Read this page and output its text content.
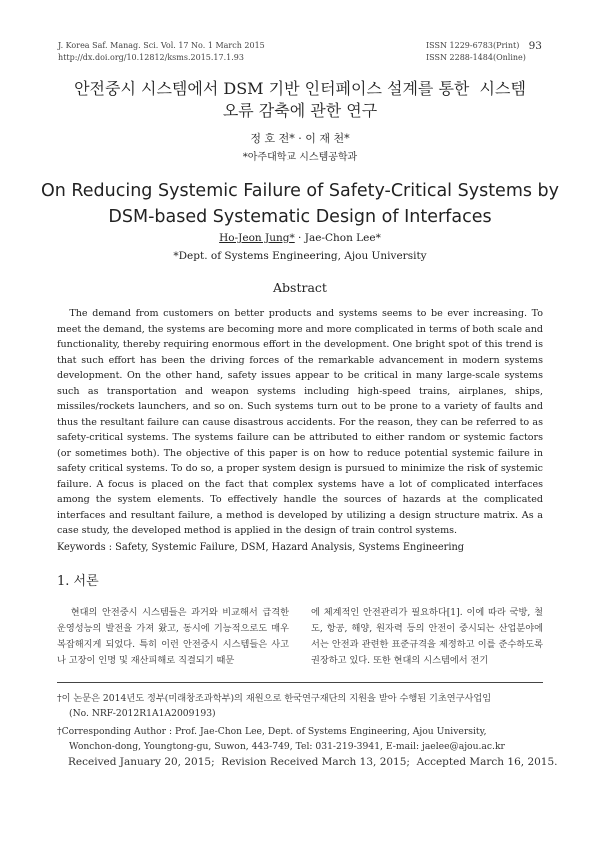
J. Korea Saf. Manag. Sci. Vol. 17 No. 1 March 2015
http://dx.doi.org/10.12812/ksms.2015.17.1.93
ISSN 1229-6783(Print)
ISSN 2288-1484(Online)
93
안전중시 시스템에서 DSM 기반 인터페이스 설계를 통한  시스템
오류 감축에 관한 연구
정 호 전* · 이 재 천*
*아주대학교 시스템공학과
On Reducing Systemic Failure of Safety-Critical Systems by
DSM-based Systematic Design of Interfaces
Ho-Jeon Jung* · Jae-Chon Lee*
*Dept. of Systems Engineering, Ajou University
Abstract
The demand from customers on better products and systems seems to be ever increasing. To meet the demand, the systems are becoming more and more complicated in terms of both scale and functionality, thereby requiring enormous effort in the development. One bright spot of this trend is that such effort has been the driving forces of the remarkable advancement in modern systems development. On the other hand, safety issues appear to be critical in many large-scale systems such as transportation and weapon systems including high-speed trains, airplanes, ships, missiles/rockets launchers, and so on. Such systems turn out to be prone to a variety of faults and thus the resultant failure can cause disastrous accidents. For the reason, they can be referred to as safety-critical systems. The systems failure can be attributed to either random or systemic factors (or sometimes both). The objective of this paper is on how to reduce potential systemic failure in safety critical systems. To do so, a proper system design is pursued to minimize the risk of systemic failure. A focus is placed on the fact that complex systems have a lot of complicated interfaces among the system elements. To effectively handle the sources of hazards at the complicated interfaces and resultant failure, a method is developed by utilizing a design structure matrix. As a case study, the developed method is applied in the design of train control systems.
Keywords : Safety, Systemic Failure, DSM, Hazard Analysis, Systems Engineering
1. 서론
현대의 안전중시 시스템들은 과거와 비교해서 급격한 운영성능의 발전을 가져 왔고, 동시에 기능적으로도 매우 복잡해지게 되었다. 특히 이런 안전중시 시스템들은 사고나 고장이 인명 및 재산피해로 직결되기 때문
에 체계적인 안전관리가 필요하다[1]. 이에 따라 국방, 철도, 항공, 해양, 원자력 등의 안전이 중시되는 산업분야에서는 안전과 관련한 표준규격을 제정하고 이를 준수하도록 권장하고 있다. 또한 현대의 시스템에서 전기
†이 논문은 2014년도 정부(미래창조과학부)의 재원으로 한국연구재단의 지원을 받아 수행된 기초연구사업임
(No. NRF-2012R1A1A2009193)
†Corresponding Author : Prof. Jae-Chon Lee, Dept. of Systems Engineering, Ajou University,
Wonchon-dong, Youngtong-gu, Suwon, 443-749, Tel: 031-219-3941, E-mail: jaelee@ajou.ac.kr
Received January 20, 2015;  Revision Received March 13, 2015;  Accepted March 16, 2015.
